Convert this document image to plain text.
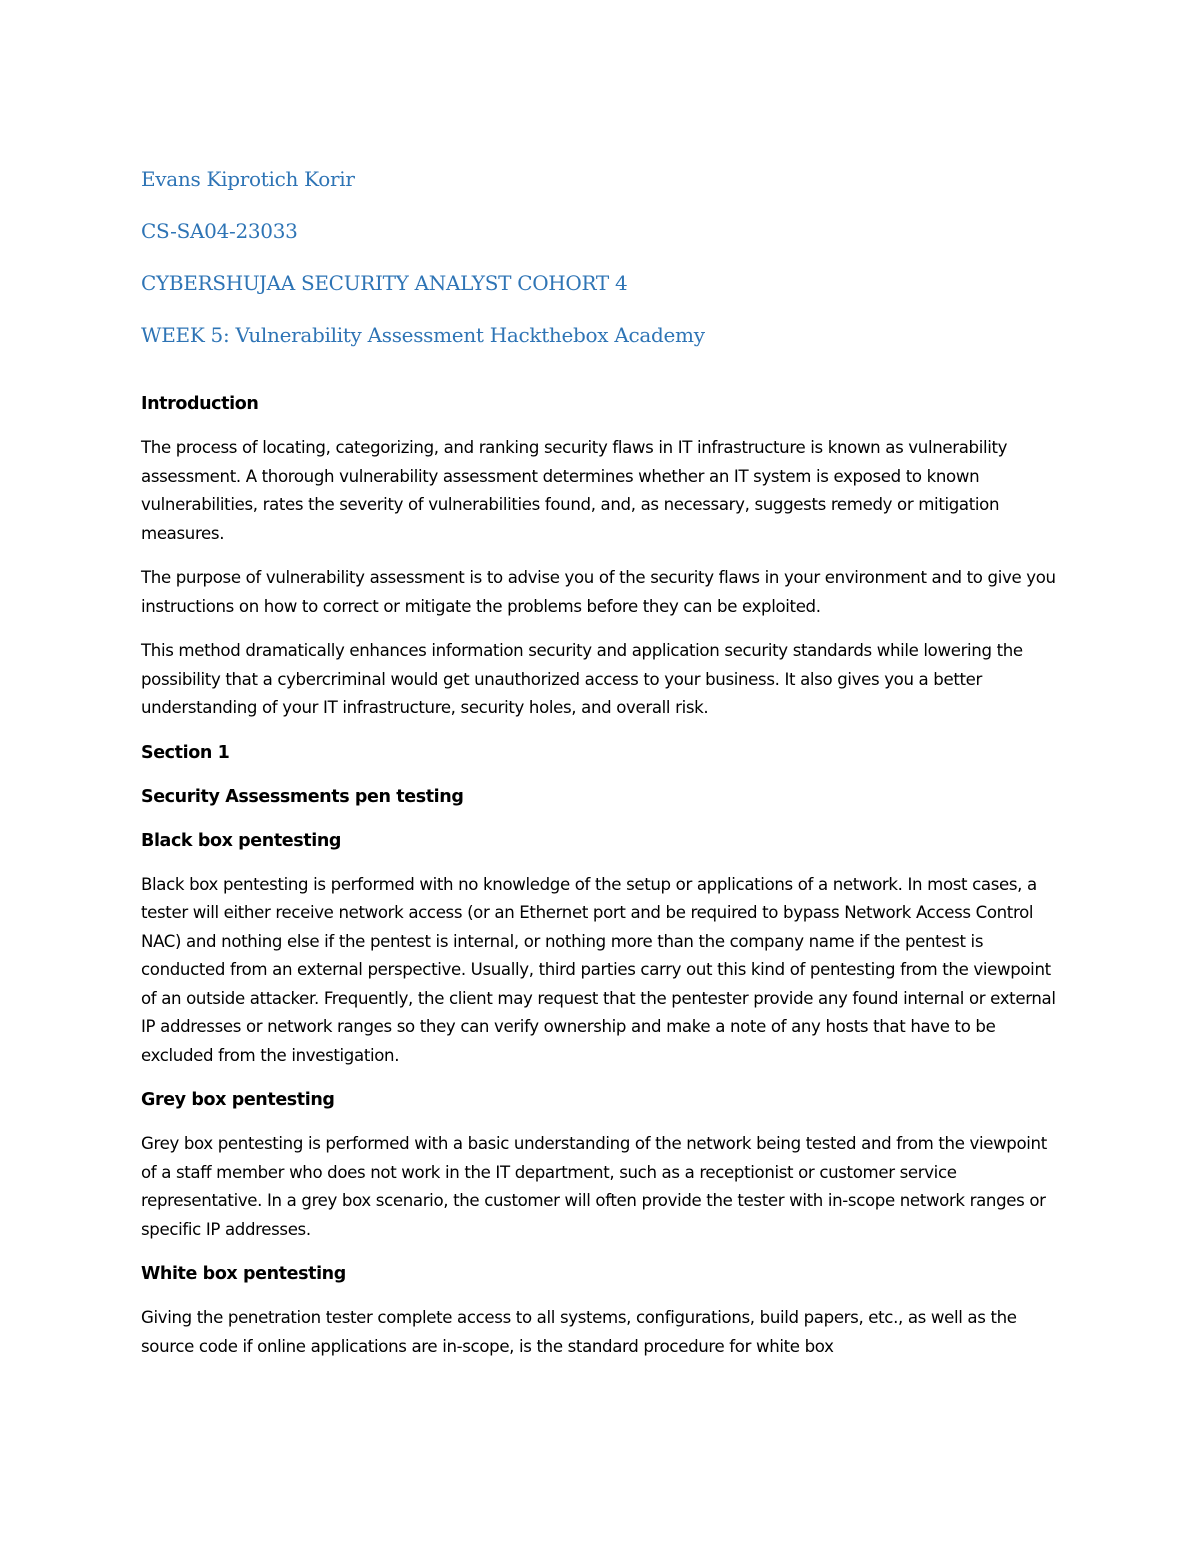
Evans Kiprotich Korir
CS-SA04-23033
CYBERSHUJAA SECURITY ANALYST COHORT 4
WEEK 5: Vulnerability Assessment Hackthebox Academy
Introduction

The process of locating, categorizing, and ranking security flaws in IT infrastructure is known as vulnerability assessment. A thorough vulnerability assessment determines whether an IT system is exposed to known vulnerabilities, rates the severity of vulnerabilities found, and, as necessary, suggests remedy or mitigation measures.

The purpose of vulnerability assessment is to advise you of the security flaws in your environment and to give you instructions on how to correct or mitigate the problems before they can be exploited.

This method dramatically enhances information security and application security standards while lowering the possibility that a cybercriminal would get unauthorized access to your business. It also gives you a better understanding of your IT infrastructure, security holes, and overall risk.

Section 1
Security Assessments pen testing
Black box pentesting

Black box pentesting is performed with no knowledge of the setup or applications of a network. In most cases, a tester will either receive network access (or an Ethernet port and be required to bypass Network Access Control NAC) and nothing else if the pentest is internal, or nothing more than the company name if the pentest is conducted from an external perspective. Usually, third parties carry out this kind of pentesting from the viewpoint of an outside attacker. Frequently, the client may request that the pentester provide any found internal or external IP addresses or network ranges so they can verify ownership and make a note of any hosts that have to be excluded from the investigation.

Grey box pentesting

Grey box pentesting is performed with a basic understanding of the network being tested and from the viewpoint of a staff member who does not work in the IT department, such as a receptionist or customer service representative. In a grey box scenario, the customer will often provide the tester with in-scope network ranges or specific IP addresses.

White box pentesting

Giving the penetration tester complete access to all systems, configurations, build papers, etc., as well as the source code if online applications are in-scope, is the standard procedure for white box
